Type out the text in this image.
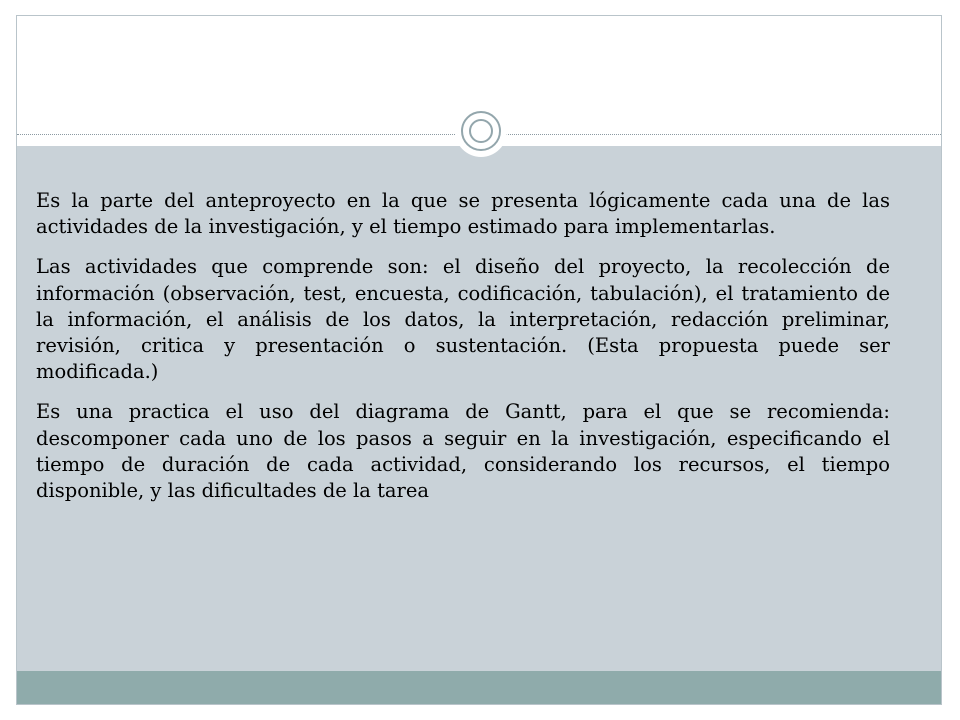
Es la parte del anteproyecto en la que se presenta lógicamente cada una de las actividades de la investigación, y el tiempo estimado para implementarlas.

Las actividades que comprende son: el diseño del proyecto, la recolección de información (observación, test, encuesta, codificación, tabulación), el tratamiento de la información, el análisis de los datos, la interpretación, redacción preliminar, revisión, critica y presentación o sustentación. (Esta propuesta puede ser modificada.)

Es una practica el uso del diagrama de Gantt, para el que se recomienda: descomponer cada uno de los pasos a seguir en la investigación, especificando el tiempo de duración de cada actividad, considerando los recursos, el tiempo disponible, y las dificultades de la tarea
